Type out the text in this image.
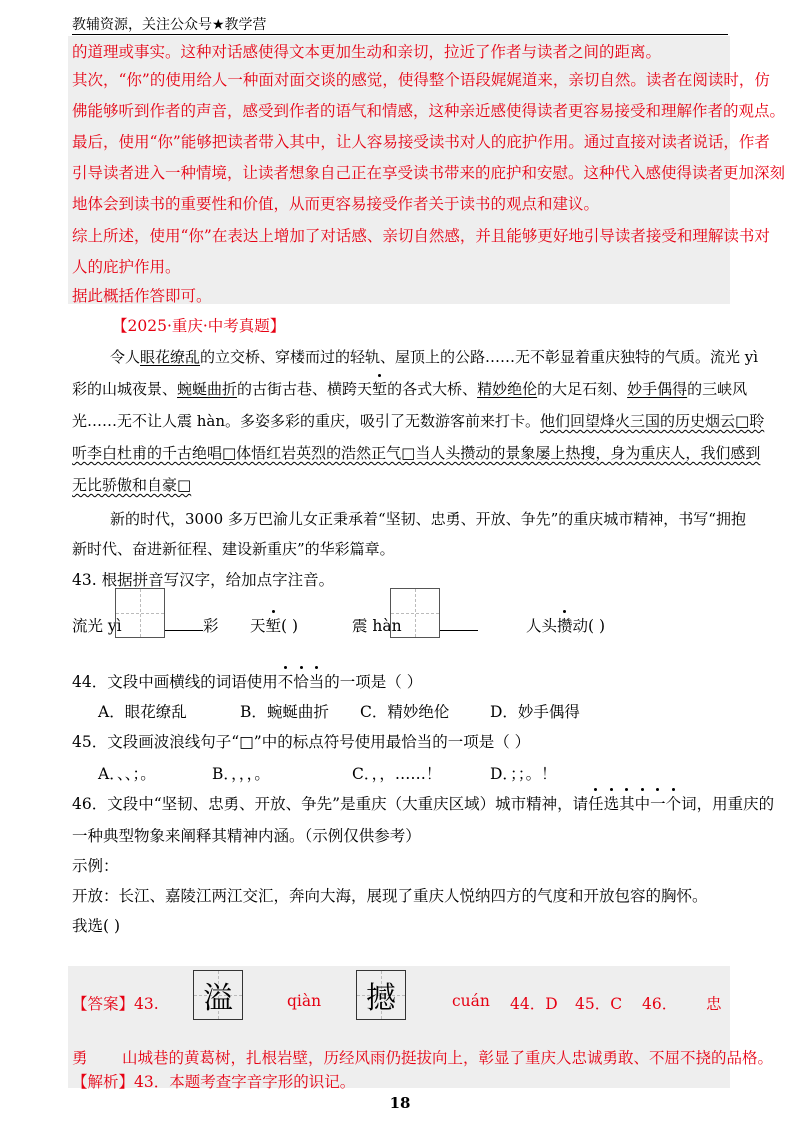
教辅资源，关注公众号★教学营
的道理或事实。这种对话感使得文本更加生动和亲切，拉近了作者与读者之间的距离。
其次，“你”的使用给人一种面对面交谈的感觉，使得整个语段娓娓道来，亲切自然。读者在阅读时，仿
佛能够听到作者的声音，感受到作者的语气和情感，这种亲近感使得读者更容易接受和理解作者的观点。
最后，使用“你”能够把读者带入其中，让人容易接受读书对人的庇护作用。通过直接对读者说话，作者
引导读者进入一种情境，让读者想象自己正在享受读书带来的庇护和安慰。这种代入感使得读者更加深刻
地体会到读书的重要性和价值，从而更容易接受作者关于读书的观点和建议。
综上所述，使用“你”在表达上增加了对话感、亲切自然感，并且能够更好地引导读者接受和理解读书对
人的庇护作用。
据此概括作答即可。
【2025·重庆·中考真题】
令人眼花缭乱的立交桥、穿楼而过的轻轨、屋顶上的公路……无不彰显着重庆独特的气质。流光 yì
彩的山城夜景、蜿蜒曲折的古街古巷、横跨天堑的各式大桥、精妙绝伦的大足石刻、妙手偶得的三峡风
光……无不让人震 hàn。多姿多彩的重庆，吸引了无数游客前来打卡。他们回望烽火三国的历史烟云□聆
听李白杜甫的千古绝唱□体悟红岩英烈的浩然正气□当人头攒动的景象屡上热搜，身为重庆人，我们感到
无比骄傲和自豪□
新的时代，3000 多万巴渝儿女正秉承着“坚韧、忠勇、开放、争先”的重庆城市精神，书写“拥抱
新时代、奋进新征程、建设新重庆”的华彩篇章。
43. 根据拼音写汉字，给加点字注音。
流光 yì	彩 天堑( )	震 hàn	人头攒动( )
44．文段中画横线的词语使用不恰当的一项是（ ）
A．眼花缭乱	B．蜿蜒曲折 C．精妙绝伦	D．妙手偶得
45．文段画波浪线句子“□”中的标点符号使用最恰当的一项是（ ）
A．、、；。	B．，，，。	C．，，……！	D．；；。！
46．文段中“坚韧、忠勇、开放、争先”是重庆（大重庆区域）城市精神，请任选其中一个词，用重庆的
一种典型物象来阐释其精神内涵。（示例仅供参考）
示例：
开放：长江、嘉陵江两江交汇，奔向大海，展现了重庆人悦纳四方的气度和开放包容的胸怀。
我选( )
【答案】43.	溢	qiàn	撼	cuán 44．D 45．C 46． 忠
勇 山城巷的黄葛树，扎根岩壁，历经风雨仍挺拔向上，彰显了重庆人忠诚勇敢、不屈不挠的品格。
【解析】43．本题考查字音字形的识记。
18
